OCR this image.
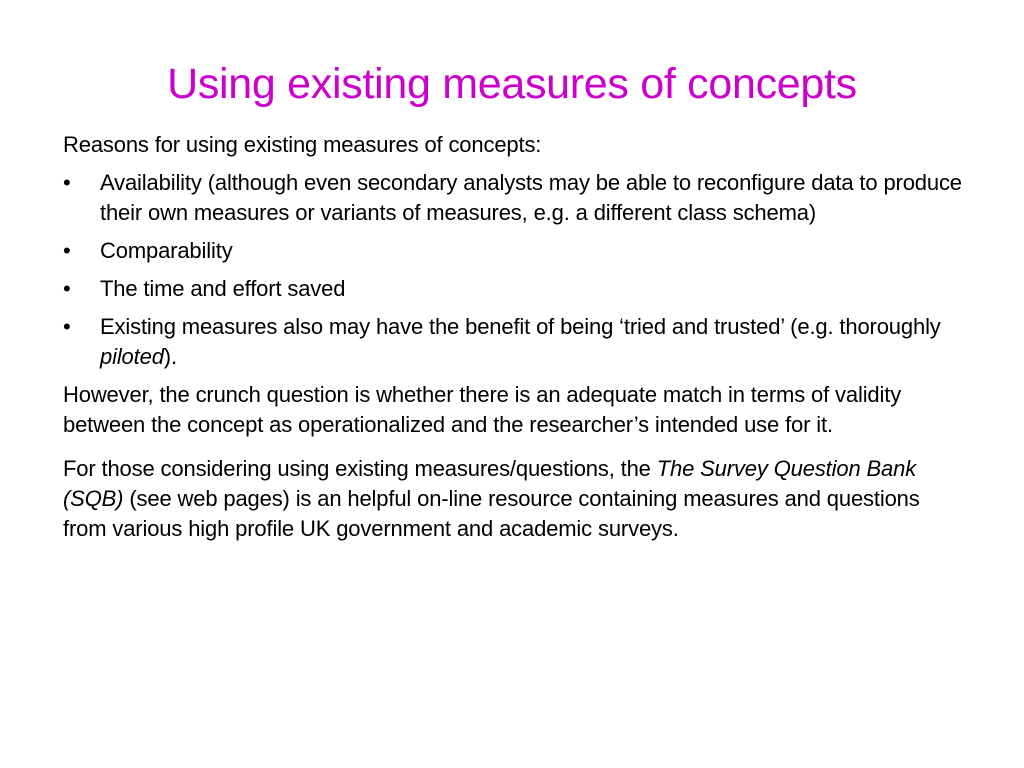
Using existing measures of concepts

Reasons for using existing measures of concepts:

•	Availability (although even secondary analysts may be able to reconfigure data to produce their own measures or variants of measures, e.g. a different class schema)
•	Comparability
•	The time and effort saved
•	Existing measures also may have the benefit of being ‘tried and trusted’ (e.g. thoroughly piloted).

However, the crunch question is whether there is an adequate match in terms of validity between the concept as operationalized and the researcher’s intended use for it.

For those considering using existing measures/questions, the The Survey Question Bank (SQB) (see web pages) is an helpful on-line resource containing measures and questions from various high profile UK government and academic surveys.
